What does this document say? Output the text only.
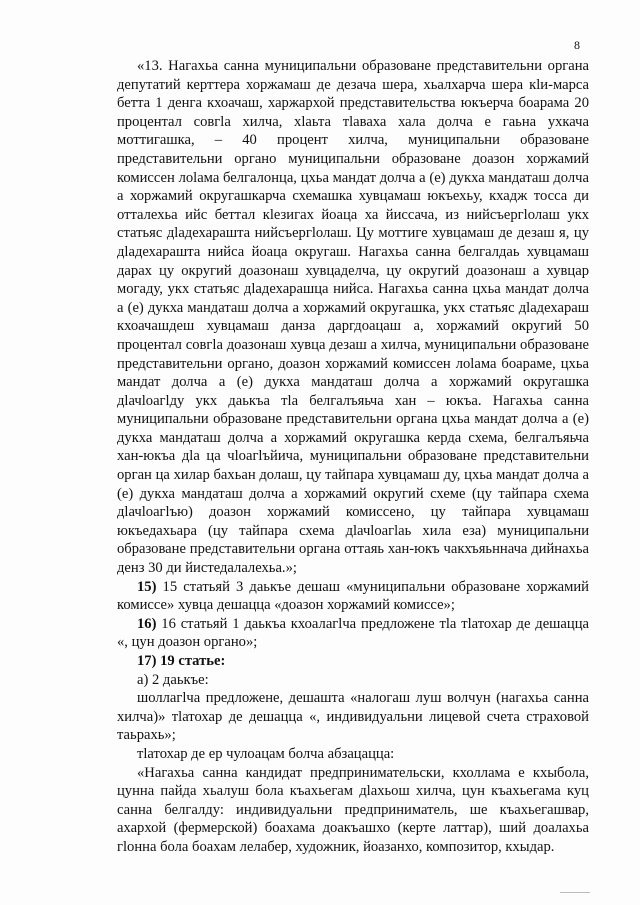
8

«13. Нагахьа санна муниципальни образоване представительни органа депутатий керттера хоржамаш де дезача шера, хьалхарча шера кlи-марса бетта 1 денга кхоачаш, харжархой представительства юкъерча боарама 20 процентал совгlа хилча, хlаьта тlаваха хала долча е гаьна ухкача моттигашка, – 40 процент хилча, муниципальни образоване представительни органо муниципальни образоване доазон хоржамий комиссен лоlама белгалонца, цхьа мандат долча а (е) дукха мандаташ долча а хоржамий округашкарча схемашка хувцамаш юкъехьу, кхадж тосса ди отталехьа ийс беттал кlезигах йоаца ха йиссача, из нийсъергlолаш укх статьяс дlадехарашта нийсъергlолаш. Цу моттиге хувцамаш де дезаш я, цу дlадехарашта нийса йоаца округаш. Нагахьа санна белгалдаь хувцамаш дарах цу округий доазонаш хувцаделча, цу округий доазонаш а хувцар могаду, укх статьяс дlадехарашца нийса. Нагахьа санна цхьа мандат долча а (е) дукха мандаташ долча а хоржамий округашка, укх статьяс дlадехараш кхоачашдеш хувцамаш данза даргдоацаш а, хоржамий округий 50 процентал совгlа доазонаш хувца дезаш а хилча, муниципальни образоване представительни органо, доазон хоржамий комиссен лоlама боараме, цхьа мандат долча а (е) дукха мандаташ долча а хоржамий округашка дlачlоагlду укх даькъа тlа белгалъяьча хан – юкъа. Нагахьа санна муниципальни образоване представительни органа цхьа мандат долча а (е) дукха мандаташ долча а хоржамий округашка керда схема, белгалъяьча хан-юкъа дlа ца чlоагlъйича, муниципальни образоване представительни орган ца хилар бахьан долаш, цу тайпара хувцамаш ду, цхьа мандат долча а (е) дукха мандаташ долча а хоржамий округий схеме (цу тайпара схема дlачlоагlъю) доазон хоржамий комиссено, цу тайпара хувцамаш юкъедахьара (цу тайпара схема дlачlоагlаь хила еза) муниципальни образоване представительни органа оттаяь хан-юкъ чакхъяьннача дийнахьа денз 30 ди йистедалалехьа.»;

15) 15 статьяй 3 даькъе дешаш «муниципальни образоване хоржамий комиссе» хувца дешацца «доазон хоржамий комиссе»;

16) 16 статьяй 1 даькъа кхоалагlча предложене тlа тlатохар де дешацца «, цун доазон органо»;

17) 19 статье:

а) 2 даькъе:

шоллагlча предложене, дешашта «налогаш луш волчун (нагахьа санна хилча)» тlатохар де дешацца «, индивидуальни лицевой счета страховой таьрахь»;

тlатохар де ер чулоацам болча абзацацца:

«Нагахьа санна кандидат предпринимательски, кхоллама е кхыбола, цунна пайда хьалуш бола къахьегам дlахьош хилча, цун къахьегама куц санна белгалду: индивидуальни предприниматель, ше къахьегашвар, ахархой (фермерской) боахама доакъашхо (керте латтар), ший доалахьа гlонна бола боахам лелабер, художник, йоазанхо, композитор, кхыдар.
